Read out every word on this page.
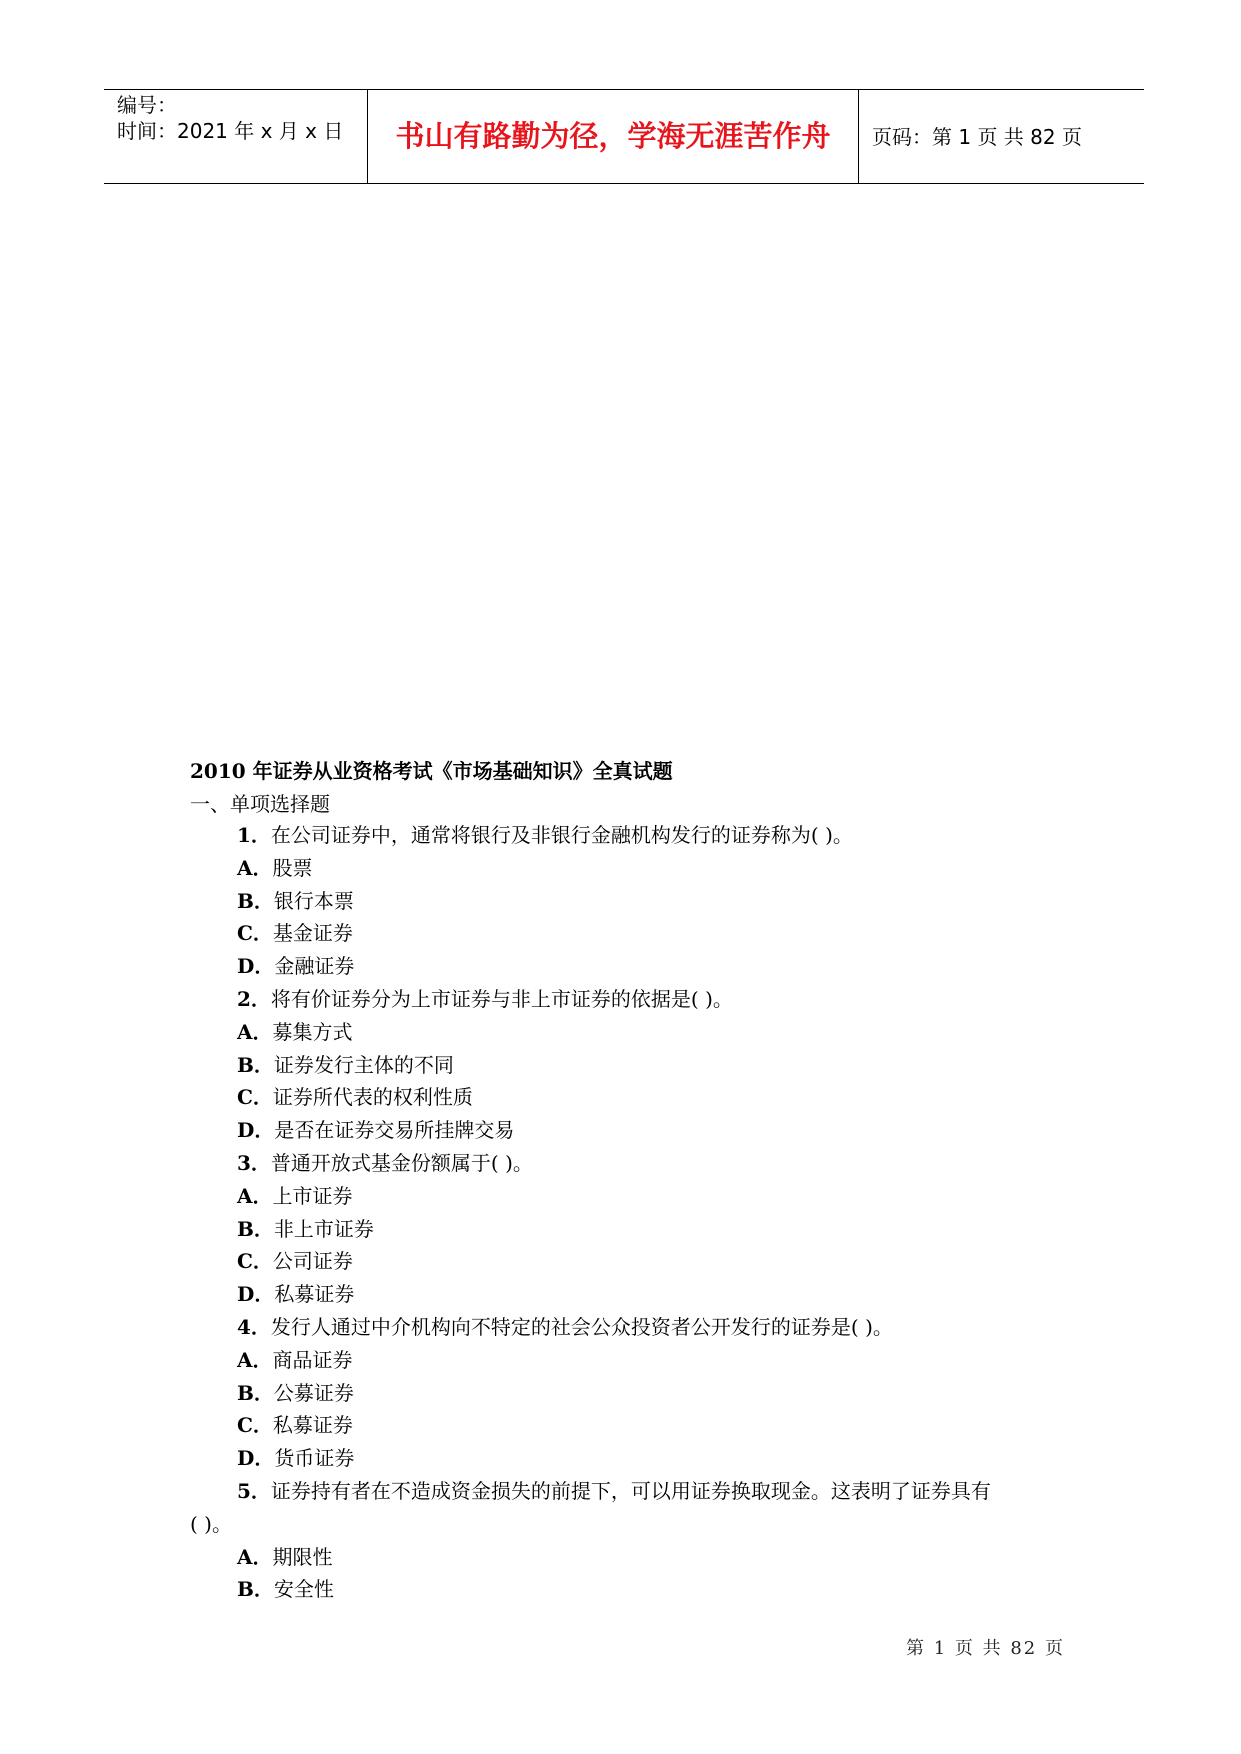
编号：
时间：2021 年 x 月 x 日	书山有路勤为径，学海无涯苦作舟	页码：第 1 页 共 82 页
2010 年证券从业资格考试《市场基础知识》全真试题
一、单项选择题
1．在公司证券中，通常将银行及非银行金融机构发行的证券称为( )。
A．股票
B．银行本票
C．基金证券
D．金融证券
2．将有价证券分为上市证券与非上市证券的依据是( )。
A．募集方式
B．证券发行主体的不同
C．证券所代表的权利性质
D．是否在证券交易所挂牌交易
3．普通开放式基金份额属于( )。
A．上市证券
B．非上市证券
C．公司证券
D．私募证券
4．发行人通过中介机构向不特定的社会公众投资者公开发行的证券是( )。
A．商品证券
B．公募证券
C．私募证券
D．货币证券
5．证券持有者在不造成资金损失的前提下，可以用证券换取现金。这表明了证券具有
( )。
A．期限性
B．安全性
第 1 页 共 82 页
